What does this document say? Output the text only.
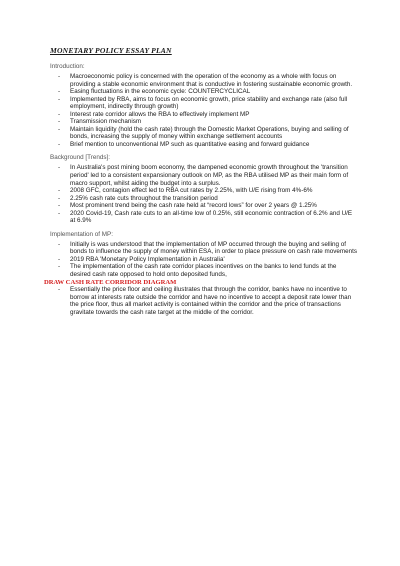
MONETARY POLICY ESSAY PLAN
Introduction:
- Macroeconomic policy is concerned with the operation of the economy as a whole with focus on providing a stable economic environment that is conductive in fostering sustainable economic growth.
- Easing fluctuations in the economic cycle: COUNTERCYCLICAL
- Implemented by RBA, aims to focus on economic growth, price stability and exchange rate (also full employment, indirectly through growth)
- Interest rate corridor allows the RBA to effectively implement MP
- Transmission mechanism
- Maintain liquidity (hold the cash rate) through the Domestic Market Operations, buying and selling of bonds, increasing the supply of money within exchange settlement accounts
- Brief mention to unconventional MP such as quantitative easing and forward guidance
Background [Trends]:
- In Australia's post mining boom economy, the dampened economic growth throughout the 'transition period' led to a consistent expansionary outlook on MP, as the RBA utilised MP as their main form of macro support, whilst aiding the budget into a surplus.
- 2008 GFC, contagion effect led to RBA cut rates by 2.25%, with U/E rising from 4%-6%
- 2.25% cash rate cuts throughout the transition period
- Most prominent trend being the cash rate held at “record lows” for over 2 years @ 1.25%
- 2020 Covid-19, Cash rate cuts to an all-time low of 0.25%, still economic contraction of 6.2% and U/E at 6.9%
Implementation of MP:
- Initially is was understood that the implementation of MP occurred through the buying and selling of bonds to influence the supply of money within ESA, in order to place pressure on cash rate movements
- 2019 RBA 'Monetary Policy Implementation in Australia'
- The implementation of the cash rate corridor places incentives on the banks to lend funds at the desired cash rate opposed to hold onto deposited funds,
DRAW CASH RATE CORRIDOR DIAGRAM
- Essentially the price floor and ceiling illustrates that through the corridor, banks have no incentive to borrow at interests rate outside the corridor and have no incentive to accept a deposit rate lower than the price floor, thus all market activity is contained within the corridor and the price of transactions gravitate towards the cash rate target at the middle of the corridor.
